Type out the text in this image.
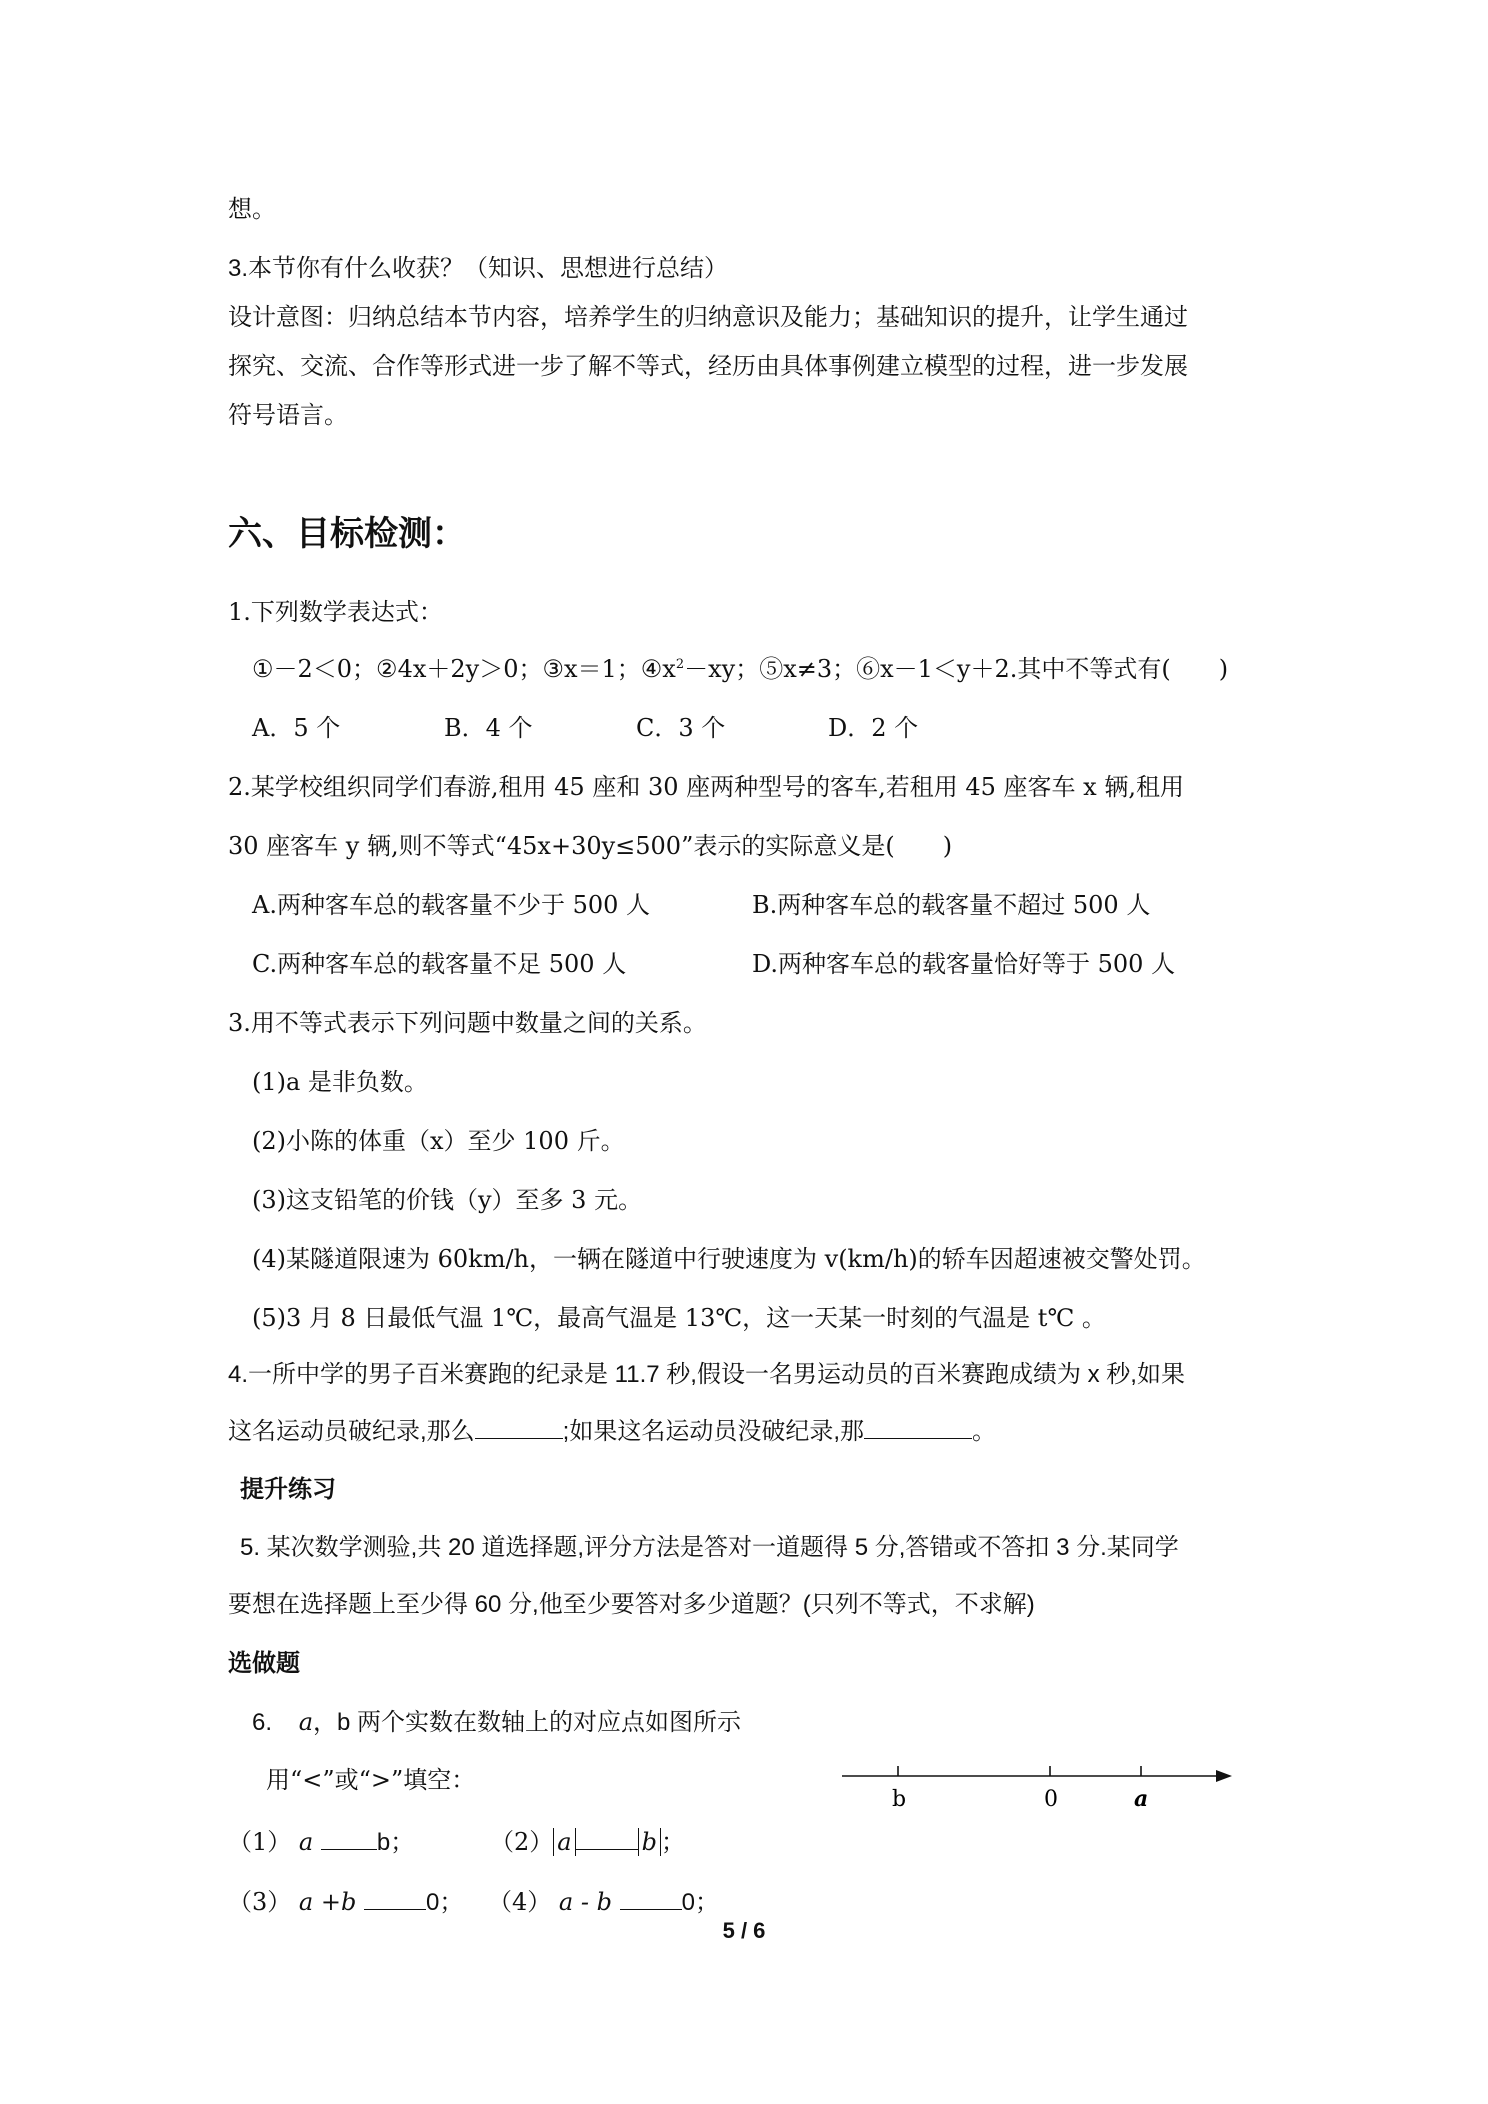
想。
3.本节你有什么收获？（知识、思想进行总结）
设计意图：归纳总结本节内容，培养学生的归纳意识及能力；基础知识的提升，让学生通过
探究、交流、合作等形式进一步了解不等式，经历由具体事例建立模型的过程，进一步发展
符号语言。
六、目标检测：
1.下列数学表达式：
①－2＜0；②4x＋2y＞0；③x＝1；$④x^2-xy$；⑤x≠3；⑥x－1＜y＋2.其中不等式有(　　)
A．5 个	B．4 个	C．3 个	D．2 个
2.某学校组织同学们春游,租用 45 座和 30 座两种型号的客车,若租用 45 座客车 x 辆,租用
30 座客车 y 辆,则不等式“45x+30y≤500”表示的实际意义是(　　)
A.两种客车总的载客量不少于 500 人	B.两种客车总的载客量不超过 500 人
C.两种客车总的载客量不足 500 人	D.两种客车总的载客量恰好等于 500 人
3.用不等式表示下列问题中数量之间的关系。
(1)a 是非负数。
(2)小陈的体重（x）至少 100 斤。
(3)这支铅笔的价钱（y）至多 3 元。
(4)某隧道限速为 60km/h，一辆在隧道中行驶速度为 v(km/h)的轿车因超速被交警处罚。
(5)3 月 8 日最低气温 1℃，最高气温是 13℃，这一天某一时刻的气温是 t℃ 。
4.一所中学的男子百米赛跑的纪录是 11.7 秒,假设一名男运动员的百米赛跑成绩为 x 秒,如果
这名运动员破纪录,那么	;如果这名运动员没破纪录,那	。
提升练习
5. 某次数学测验,共 20 道选择题,评分方法是答对一道题得 5 分,答错或不答扣 3 分.某同学
要想在选择题上至少得 60 分,他至少要答对多少道题？(只列不等式，不求解)
选做题
6. a，b 两个实数在数轴上的对应点如图所示
用“<”或“>”填空：
（1） a	b；	（2） a	b ；
（3） a +b	0； （4） a - b	0；
b	0	a
5 / 6
